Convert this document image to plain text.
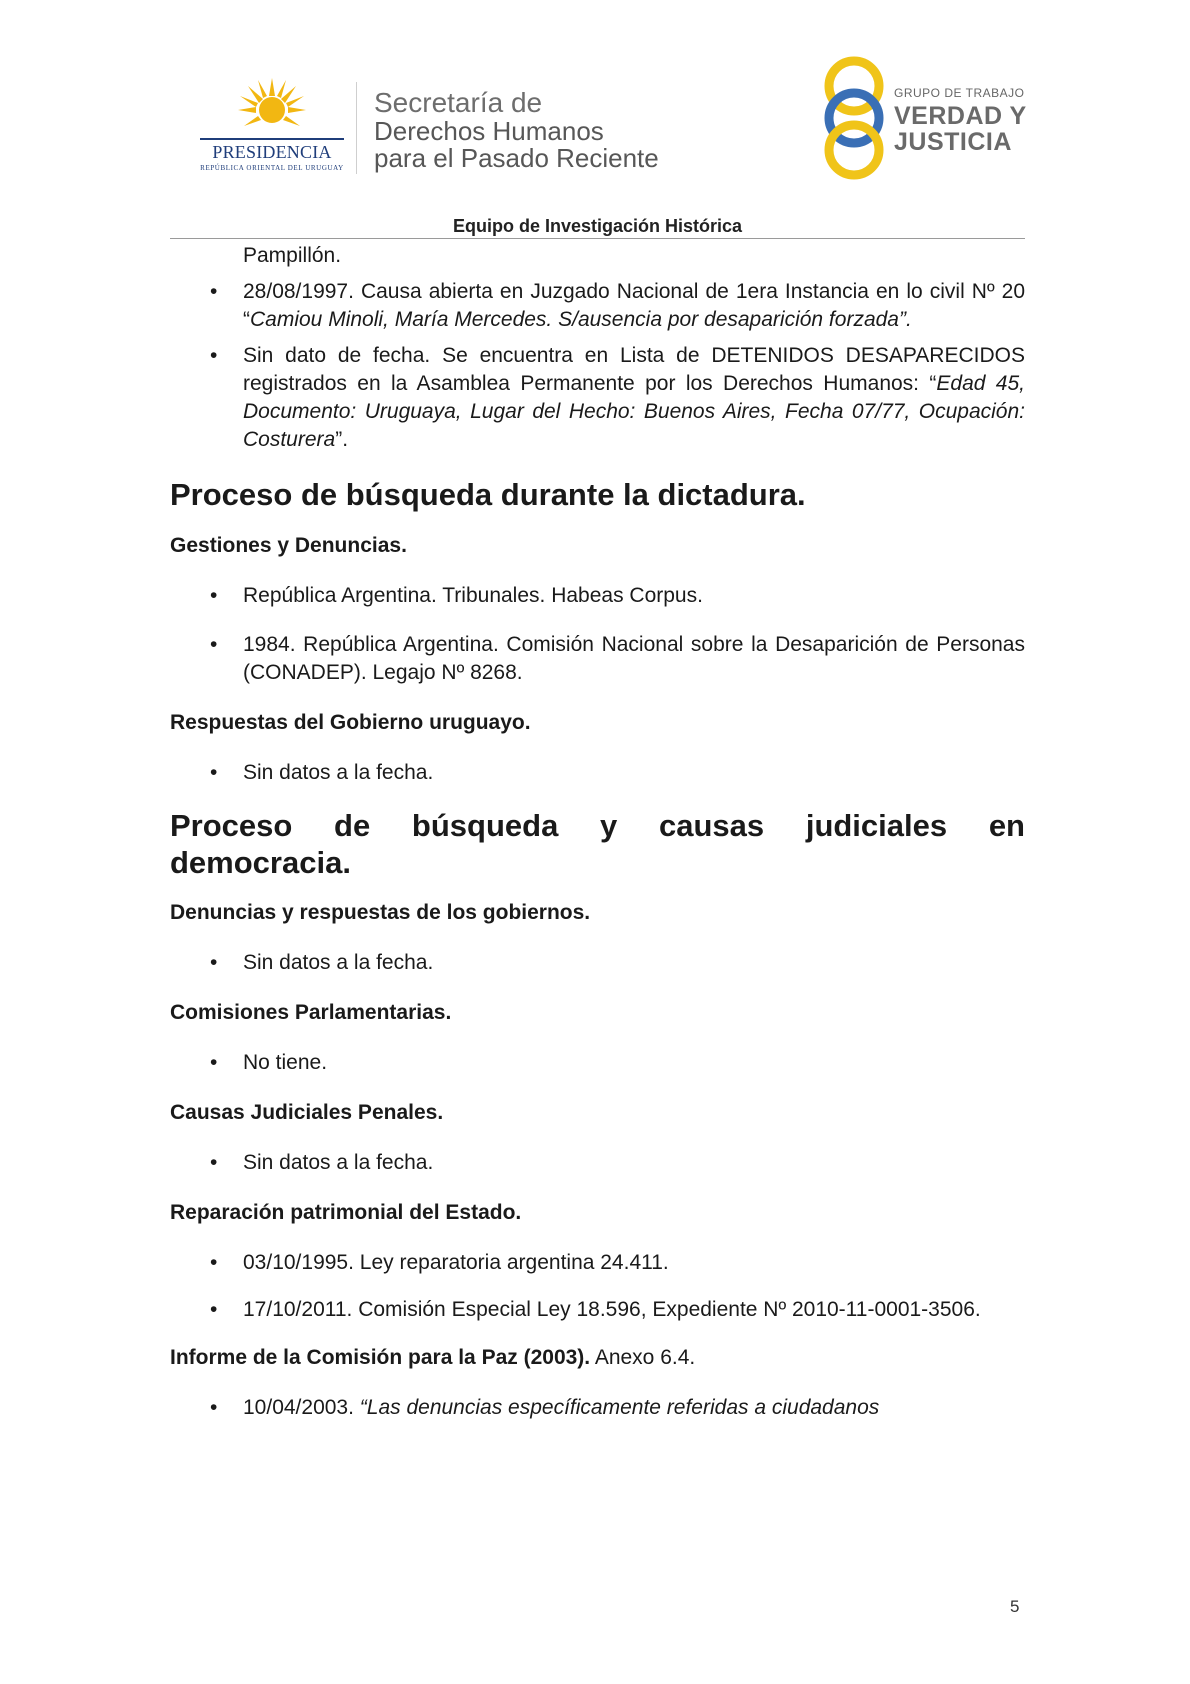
PRESIDENCIA
REPÚBLICA ORIENTAL DEL URUGUAY
Secretaría de
Derechos Humanos
para el Pasado Reciente
GRUPO DE TRABAJO
VERDAD Y
JUSTICIA
Equipo de Investigación Histórica

Pampillón.

• 28/08/1997. Causa abierta en Juzgado Nacional de 1era Instancia en lo civil Nº 20 “Camiou Minoli, María Mercedes. S/ausencia por desaparición forzada”.

• Sin dato de fecha. Se encuentra en Lista de DETENIDOS DESAPARECIDOS registrados en la Asamblea Permanente por los Derechos Humanos: “Edad 45, Documento: Uruguaya, Lugar del Hecho: Buenos Aires, Fecha 07/77, Ocupación: Costurera”.

Proceso de búsqueda durante la dictadura.
Gestiones y Denuncias.

• República Argentina. Tribunales. Habeas Corpus.

• 1984. República Argentina. Comisión Nacional sobre la Desaparición de Personas (CONADEP). Legajo Nº 8268.

Respuestas del Gobierno uruguayo.

• Sin datos a la fecha.

Proceso de búsqueda y causas judiciales en
democracia.
Denuncias y respuestas de los gobiernos.

• Sin datos a la fecha.

Comisiones Parlamentarias.

• No tiene.

Causas Judiciales Penales.

• Sin datos a la fecha.

Reparación patrimonial del Estado.

• 03/10/1995. Ley reparatoria argentina 24.411.

• 17/10/2011. Comisión Especial Ley 18.596, Expediente Nº 2010-11-0001-3506.

Informe de la Comisión para la Paz (2003). Anexo 6.4.

• 10/04/2003. “Las denuncias específicamente referidas a ciudadanos

5
